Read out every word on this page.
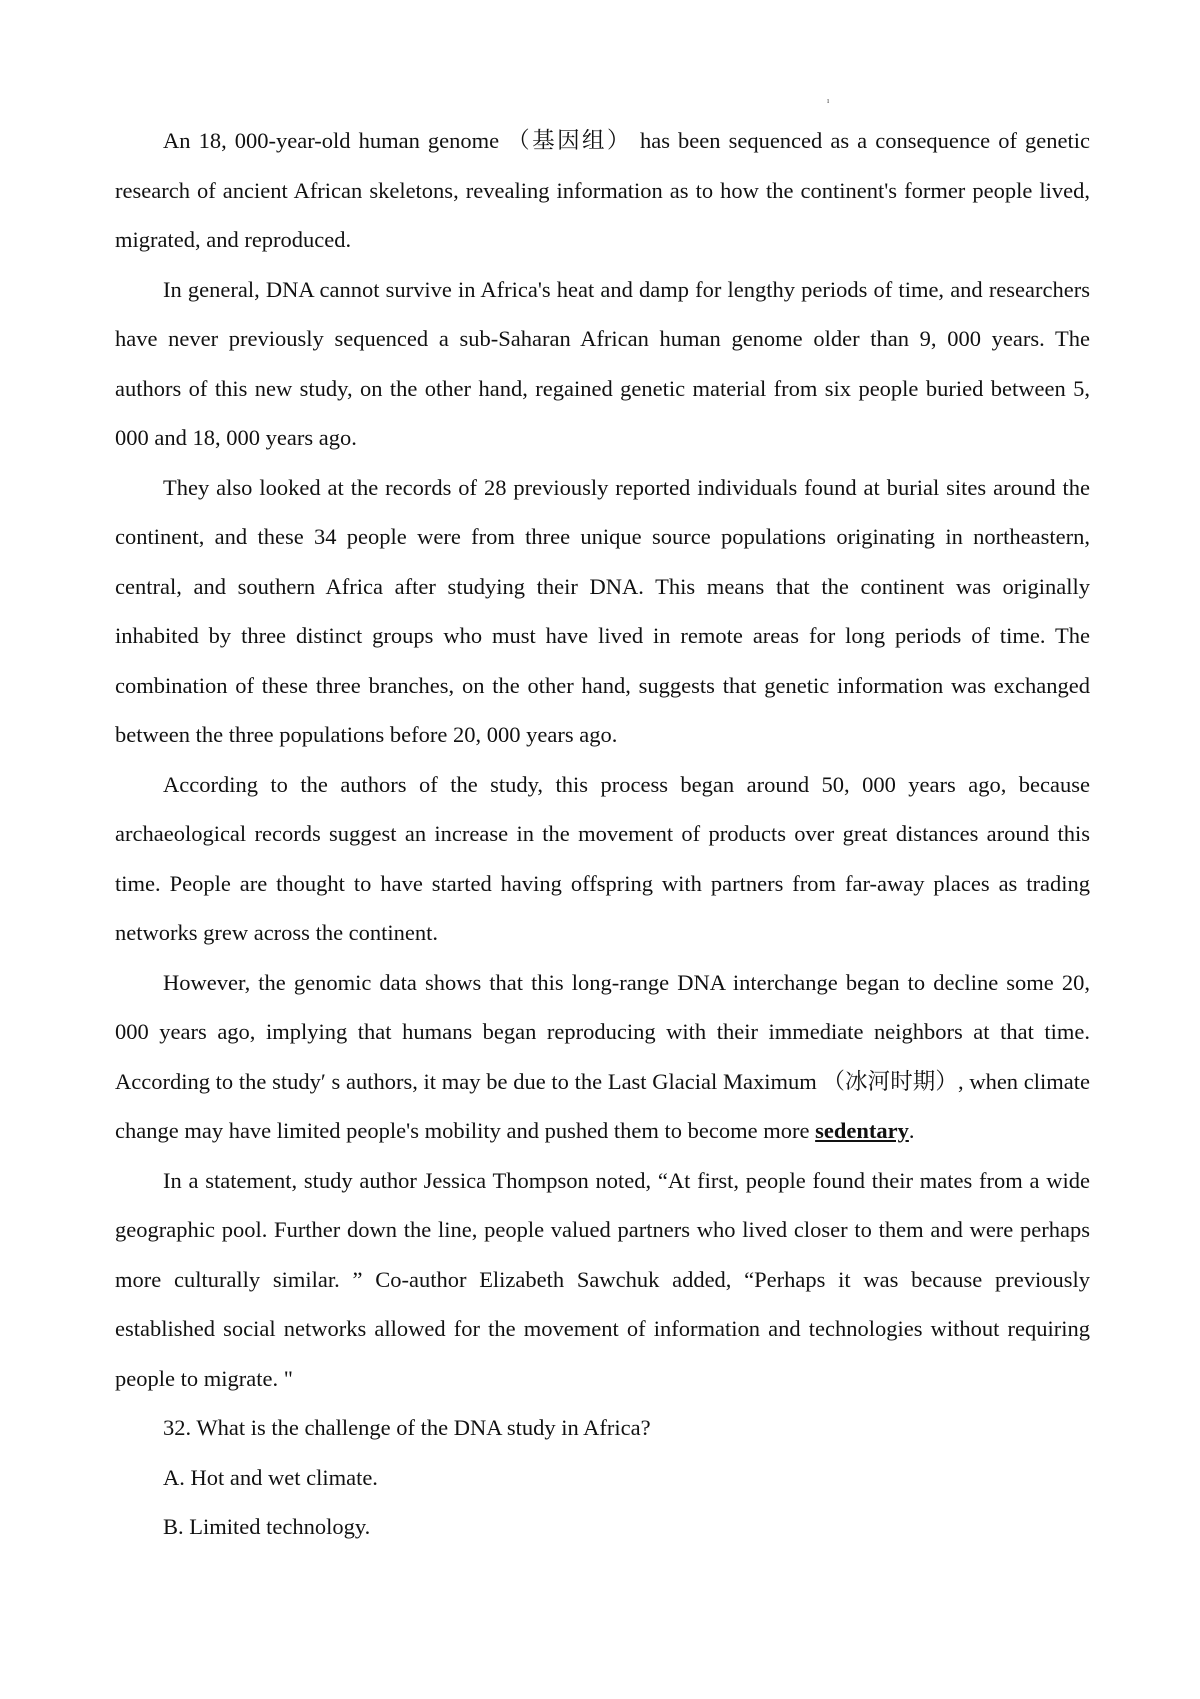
ı

An 18, 000-year-old human genome （基因组） has been sequenced as a consequence of genetic research of ancient African skeletons, revealing information as to how the continent's former people lived, migrated, and reproduced.

In general, DNA cannot survive in Africa's heat and damp for lengthy periods of time, and researchers have never previously sequenced a sub-Saharan African human genome older than 9, 000 years. The authors of this new study, on the other hand, regained genetic material from six people buried between 5, 000 and 18, 000 years ago.

They also looked at the records of 28 previously reported individuals found at burial sites around the continent, and these 34 people were from three unique source populations originating in northeastern, central, and southern Africa after studying their DNA. This means that the continent was originally inhabited by three distinct groups who must have lived in remote areas for long periods of time. The combination of these three branches, on the other hand, suggests that genetic information was exchanged between the three populations before 20, 000 years ago.

According to the authors of the study, this process began around 50, 000 years ago, because archaeological records suggest an increase in the movement of products over great distances around this time. People are thought to have started having offspring with partners from far-away places as trading networks grew across the continent.

However, the genomic data shows that this long-range DNA interchange began to decline some 20, 000 years ago, implying that humans began reproducing with their immediate neighbors at that time. According to the study′ s authors, it may be due to the Last Glacial Maximum （冰河时期）, when climate change may have limited people's mobility and pushed them to become more sedentary.

In a statement, study author Jessica Thompson noted, “At first, people found their mates from a wide geographic pool. Further down the line, people valued partners who lived closer to them and were perhaps more culturally similar. ” Co-author Elizabeth Sawchuk added, “Perhaps it was because previously established social networks allowed for the movement of information and technologies without requiring people to migrate. "

32. What is the challenge of the DNA study in Africa?

A. Hot and wet climate.

B. Limited technology.
